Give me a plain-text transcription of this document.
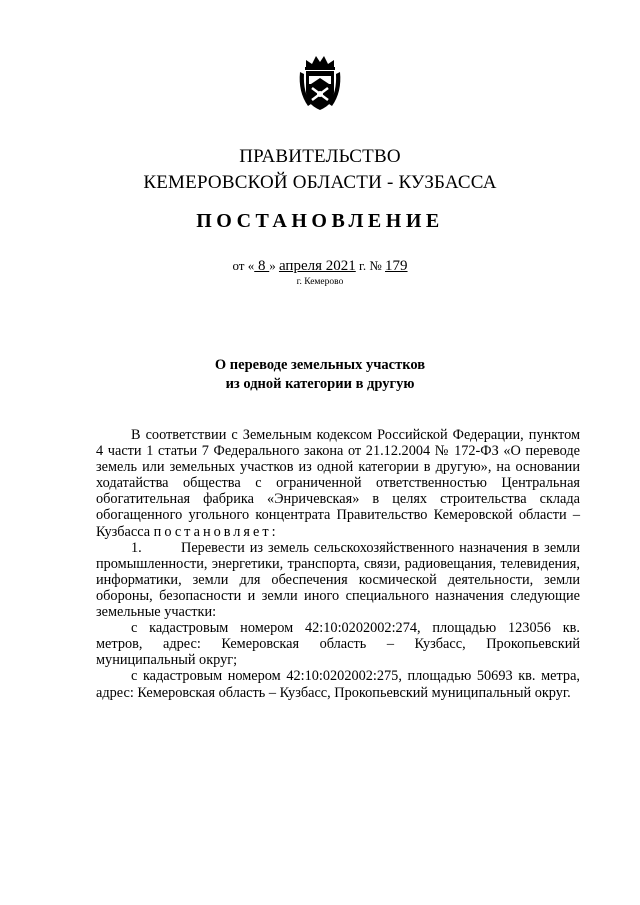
ПРАВИТЕЛЬСТВО
КЕМЕРОВСКОЙ ОБЛАСТИ - КУЗБАССА
ПОСТАНОВЛЕНИЕ
от « 8 » апреля 2021 г. № 179
г. Кемерово
О переводе земельных участков
из одной категории в другую

В соответствии с Земельным кодексом Российской Федерации, пунктом 4 части 1 статьи 7 Федерального закона от 21.12.2004 № 172-ФЗ «О переводе земель или земельных участков из одной категории в другую», на основании ходатайства общества с ограниченной ответственностью Центральная обогатительная фабрика «Энричевская» в целях строительства склада обогащенного угольного концентрата Правительство Кемеровской области – Кузбасса постановляет:

1.	Перевести из земель сельскохозяйственного назначения в земли промышленности, энергетики, транспорта, связи, радиовещания, телевидения, информатики, земли для обеспечения космической деятельности, земли обороны, безопасности и земли иного специального назначения следующие земельные участки:

с кадастровым номером 42:10:0202002:274, площадью 123056 кв. метров, адрес: Кемеровская область – Кузбасс, Прокопьевский муниципальный округ;

с кадастровым номером 42:10:0202002:275, площадью 50693 кв. метра, адрес: Кемеровская область – Кузбасс, Прокопьевский муниципальный округ.
